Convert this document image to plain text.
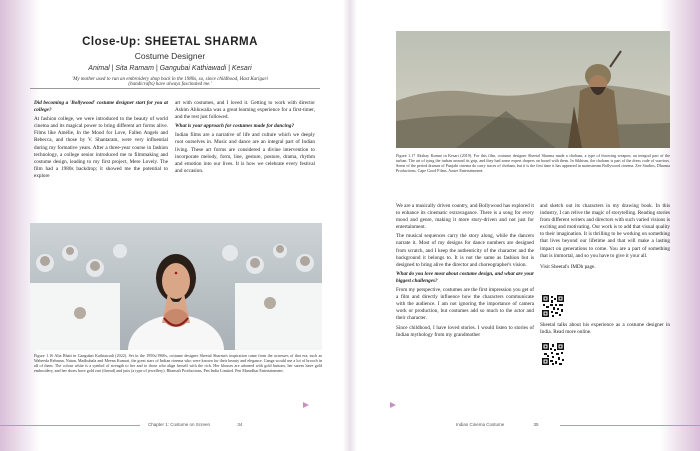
Close-Up: SHEETAL SHARMA
Costume Designer
Animal | Sita Ramam | Gangubai Kathiawadi | Kesari
'My mother used to run an embroidery shop back in the 1980s, so, since childhood, Hast Karigari (handicrafts) have always fascinated me.'

Did becoming a 'Bollywood' costume designer start for you at college?

At fashion college, we were introduced to the beauty of world cinema and its magical power to bring different art forms alive. Films like Amélie, In the Mood for Love, Fallen Angels and Rebecca, and those by V. Shantaram, were very influential during my formative years. After a three-year course in fashion technology, a college senior introduced me to filmmaking and costume design, leading to my first project, Mere Lovely. The film had a 1980s backdrop; it showed me the potential to explore

art with costumes, and I loved it. Getting to work with director Ashim Ahluwalia was a great learning experience for a first-timer, and the rest just followed.

What is your approach for costumes made for dancing?

Indian films are a narrative of life and culture which we deeply root ourselves in. Music and dance are an integral part of Indian living. These art forms are considered a divine intervention to incorporate melody, form, line, gesture, posture, drama, rhythm and emotion into our lives. It is how we celebrate every festival and occasion.

Figure 1.16 Alia Bhatt in Gangubai Kathiawadi (2022). Set in the 1950s/1960s, costume designer Sheetal Sharma's inspiration came from the actresses of that era, such as Waheeda Rehman, Nutan, Madhubala and Meena Kumari, the great stars of Indian cinema who were known for their beauty and elegance. Ganga would use a lot of brooch in all of them. The colour white is a symbol of strength to her and to those who align herself with the rich. Her blouses are adorned with gold buttons, her sarees have gold embroidery, and her shoes have gold zari (thread) and jutis (a type of jewellery). Bhansali Productions, Pen India Limited. Pen Marudhar Entertainment.
Chapter 1: Costume on Screen	34
Figure 1.17 Akshay Kumar in Kesari (2019). For this film, costume designer Sheetal Sharma made a chobam, a type of throwing weapon, an integral part of the turban. The art of tying the turban around its grip, and they had some expert drapers on board with them. In Sikhism, the chobam is part of the dress code of warriors. Some of the period dramas of Punjabi cinema do carry traces of chobam, but it is the first time it has appeared in mainstream Bollywood cinema. Zee Studios, Dharma Productions, Cape Good Films, Azure Entertainment.

We are a musically driven country, and Bollywood has explored it to enhance its cinematic extravagance. There is a song for every mood and genre, making it more story-driven and not just for entertainment.

The musical sequences carry the story along, while the dancers narrate it. Most of my designs for dance numbers are designed from scratch, and I keep the authenticity of the character and the background it belongs to. It is not the same as fashion but is designed to bring alive the director and choreographer's vision.

What do you love most about costume design, and what are your biggest challenges?

From my perspective, costumes are the first impression you get of a film and directly influence how the characters communicate with the audience. I am not ignoring the importance of camera work or production, but costumes add so much to the actor and their character.

Since childhood, I have loved stories. I would listen to stories of Indian mythology from my grandmother

and sketch out its characters in my drawing book. In this industry, I can relive the magic of storytelling. Reading stories from different writers and directors with such varied visions is exciting and motivating. Our work is to add that visual quality to their imagination. It is thrilling to be working on something that lives beyond our lifetime and that will make a lasting impact on generations to come. You are a part of something that is immortal, and so you have to give it your all.

Visit Sheetal's IMDb page.

Sheetal talks about his experience as a costume designer in India. Read more online.

Indian Cinema Costume	35
